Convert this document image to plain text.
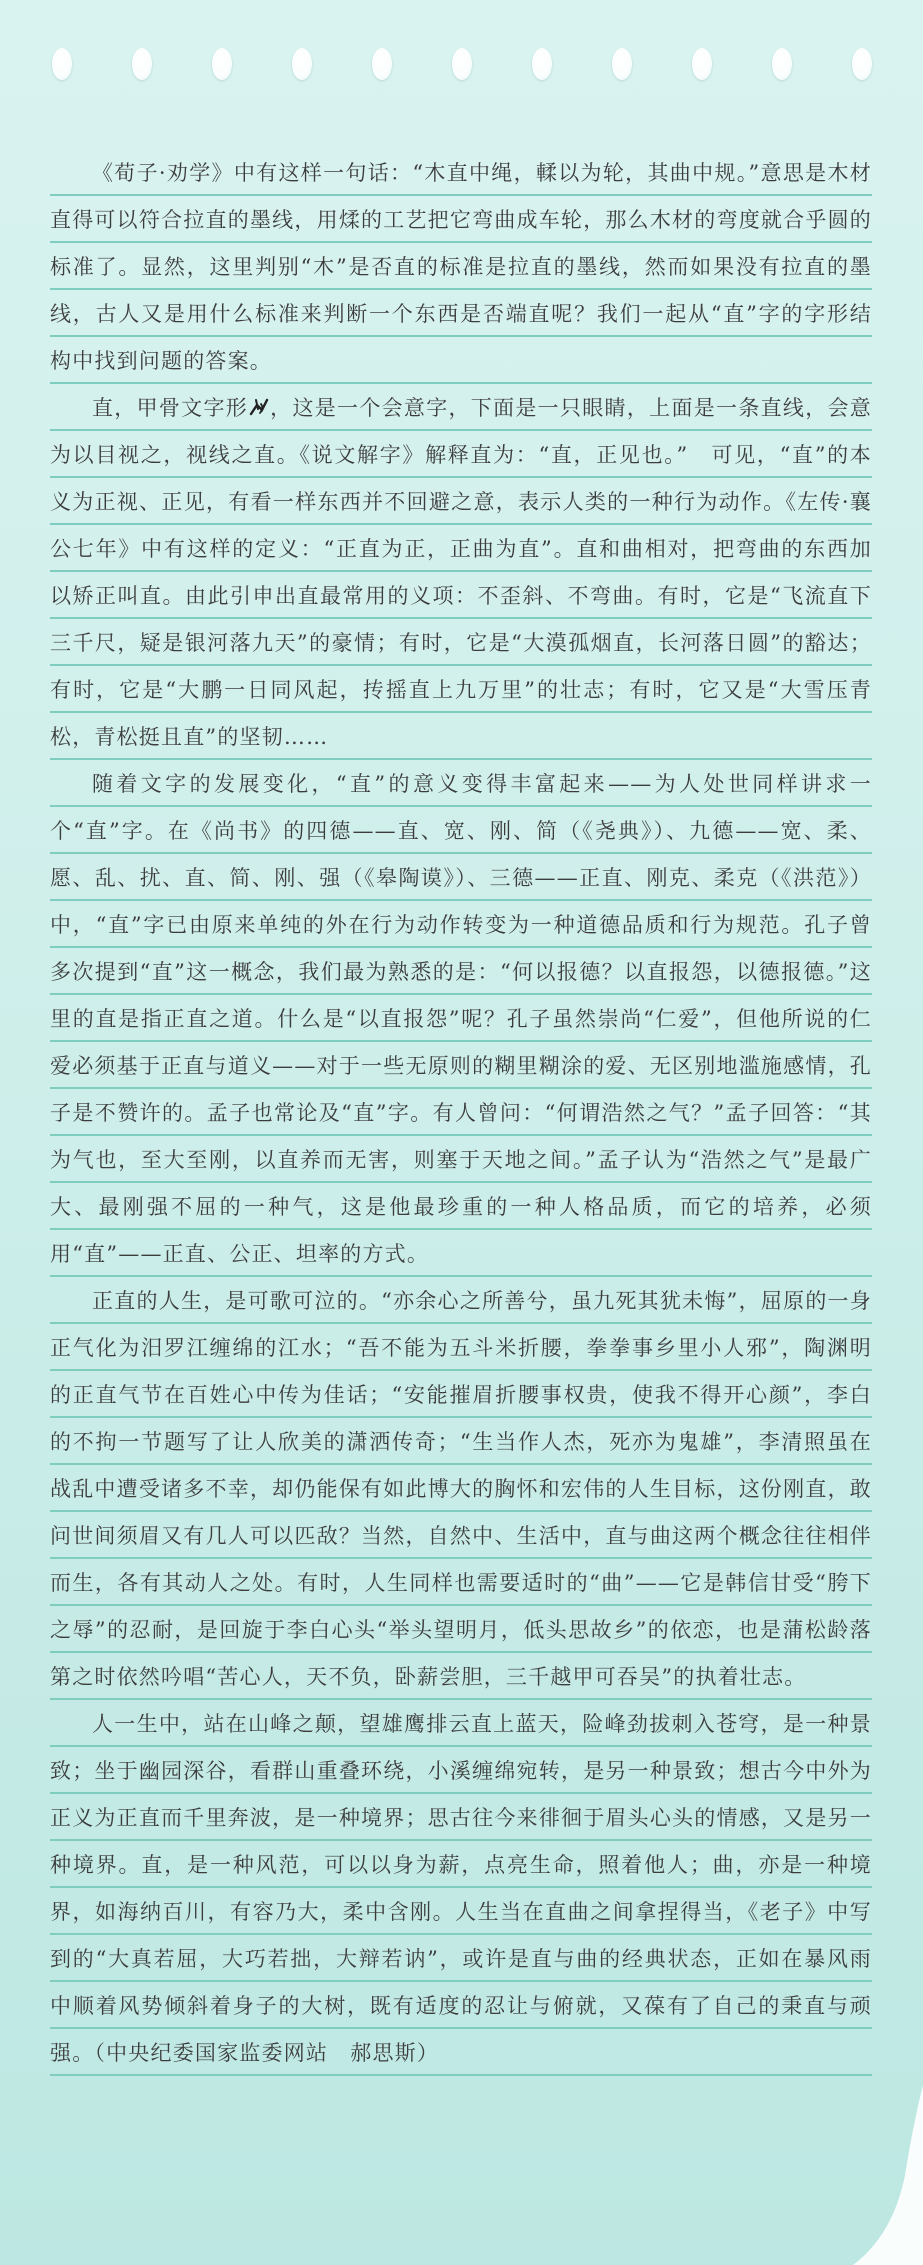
《荀子·劝学》中有这样一句话：“木直中绳，輮以为轮，其曲中规。”意思是木材直得可以符合拉直的墨线，用煣的工艺把它弯曲成车轮，那么木材的弯度就合乎圆的标准了。显然，这里判别“木”是否直的标准是拉直的墨线，然而如果没有拉直的墨线，古人又是用什么标准来判断一个东西是否端直呢？我们一起从“直”字的字形结构中找到问题的答案。

直，甲骨文字形 ，这是一个会意字，下面是一只眼睛，上面是一条直线，会意为以目视之，视线之直。《说文解字》解释直为：“直，正见也。”　可见，“直”的本义为正视、正见，有看一样东西并不回避之意，表示人类的一种行为动作。《左传·襄公七年》中有这样的定义：“正直为正，正曲为直”。直和曲相对，把弯曲的东西加以矫正叫直。由此引申出直最常用的义项：不歪斜、不弯曲。有时，它是“飞流直下三千尺，疑是银河落九天”的豪情；有时，它是“大漠孤烟直，长河落日圆”的豁达；有时，它是“大鹏一日同风起，抟摇直上九万里”的壮志；有时，它又是“大雪压青松，青松挺且直”的坚韧……

随着文字的发展变化，“直”的意义变得丰富起来——为人处世同样讲求一个“直”字。在《尚书》的四德——直、宽、刚、简（《尧典》）、九德——宽、柔、愿、乱、扰、直、简、刚、强（《皋陶谟》）、三德——正直、刚克、柔克（《洪范》）中，“直”字已由原来单纯的外在行为动作转变为一种道德品质和行为规范。孔子曾多次提到“直”这一概念，我们最为熟悉的是：“何以报德？以直报怨，以德报德。”这里的直是指正直之道。什么是“以直报怨”呢？孔子虽然崇尚“仁爱”，但他所说的仁爱必须基于正直与道义——对于一些无原则的糊里糊涂的爱、无区别地滥施感情，孔子是不赞许的。孟子也常论及“直”字。有人曾问：“何谓浩然之气？”孟子回答：“其为气也，至大至刚，以直养而无害，则塞于天地之间。”孟子认为“浩然之气”是最广大、最刚强不屈的一种气，这是他最珍重的一种人格品质，而它的培养，必须用“直”——正直、公正、坦率的方式。

正直的人生，是可歌可泣的。“亦余心之所善兮，虽九死其犹未悔”，屈原的一身正气化为汨罗江缠绵的江水；“吾不能为五斗米折腰，拳拳事乡里小人邪”，陶渊明的正直气节在百姓心中传为佳话；“安能摧眉折腰事权贵，使我不得开心颜”，李白的不拘一节题写了让人欣美的潇洒传奇；“生当作人杰，死亦为鬼雄”，李清照虽在战乱中遭受诸多不幸，却仍能保有如此博大的胸怀和宏伟的人生目标，这份刚直，敢问世间须眉又有几人可以匹敌？当然，自然中、生活中，直与曲这两个概念往往相伴而生，各有其动人之处。有时，人生同样也需要适时的“曲”——它是韩信甘受“胯下之辱”的忍耐，是回旋于李白心头“举头望明月，低头思故乡”的依恋，也是蒲松龄落第之时依然吟唱“苦心人，天不负，卧薪尝胆，三千越甲可吞吴”的执着壮志。

人一生中，站在山峰之颠，望雄鹰排云直上蓝天，险峰劲拔刺入苍穹，是一种景致；坐于幽园深谷，看群山重叠环绕，小溪缠绵宛转，是另一种景致；想古今中外为正义为正直而千里奔波，是一种境界；思古往今来徘徊于眉头心头的情感，又是另一种境界。直，是一种风范，可以以身为薪，点亮生命，照着他人；曲，亦是一种境界，如海纳百川，有容乃大，柔中含刚。人生当在直曲之间拿捏得当，《老子》中写到的“大真若屈，大巧若拙，大辩若讷”，或许是直与曲的经典状态，正如在暴风雨中顺着风势倾斜着身子的大树，既有适度的忍让与俯就，又葆有了自己的秉直与顽强。（中央纪委国家监委网站　郝思斯）
